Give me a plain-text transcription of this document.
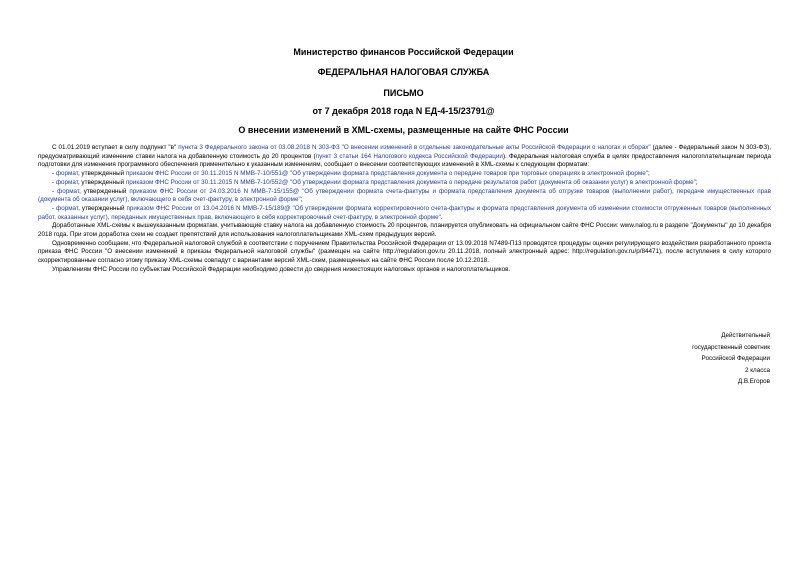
Министерство финансов Российской Федерации
ФЕДЕРАЛЬНАЯ НАЛОГОВАЯ СЛУЖБА
ПИСЬМО
от 7 декабря 2018 года N ЕД-4-15/23791@
О внесении изменений в XML-схемы, размещенные на сайте ФНС России

С 01.01.2019 вступает в силу подпункт "в" пункта 3 Федерального закона от 03.08.2018 N 303-ФЗ "О внесении изменений в отдельные законодательные акты Российской Федерации о налогах и сборах" (далее - Федеральный закон N 303-ФЗ), предусматривающий изменение ставки налога на добавленную стоимость до 20 процентов (пункт 3 статьи 164 Налогового кодекса Российской Федерации). Федеральная налоговая служба в целях предоставления налогоплательщикам периода подготовки для изменения программного обеспечения применительно к указанным изменениям, сообщает о внесении соответствующих изменений в XML-схемы к следующим форматам:

- формат, утвержденный приказом ФНС России от 30.11.2015 N ММВ-7-10/551@ "Об утверждении формата представления документа о передаче товаров при торговых операциях в электронной форме";

- формат, утвержденный приказом ФНС России от 30.11.2015 N ММВ-7-10/552@ "Об утверждении формата представления документа о передаче результатов работ (документа об оказании услуг) в электронной форме";

- формат, утвержденный приказом ФНС России от 24.03.2016 N ММВ-7-15/155@ "Об утверждении формата счета-фактуры и формата представления документа об отгрузке товаров (выполнении работ), передаче имущественных прав (документа об оказании услуг), включающего в себя счет-фактуру, в электронной форме";

- формат, утвержденный приказом ФНС России от 13.04.2016 N ММВ-7-15/189@ "Об утверждении формата корректировочного счета-фактуры и формата представления документа об изменении стоимости отгруженных товаров (выполненных работ, оказанных услуг), переданных имущественных прав, включающего в себя корректировочный счет-фактуру, в электронной форме".

Доработанные XML-схемы к вышеуказанным форматам, учитывающие ставку налога на добавленную стоимость 20 процентов, планируется опубликовать на официальном сайте ФНС России: www.nalog.ru в разделе "Документы" до 10 декабря 2018 года. При этом доработка схем не создает препятствий для использования налогоплательщиками XML-схем предыдущих версий.

Одновременно сообщаем, что Федеральной налоговой службой в соответствии с поручением Правительства Российской Федерации от 13.09.2018 N7489-П13 проводятся процедуры оценки регулирующего воздействия разработанного проекта приказа ФНС России "О внесении изменений в приказы Федеральной налоговой службы" (размещен на сайте http://regulation.gov.ru 20.11.2018, полный электронный адрес: http://regulation.gov.ru/p/84471), после вступления в силу которого скорректированные согласно этому приказу XML-схемы совпадут с вариантами версий XML-схем, размещенных на сайте ФНС России после 10.12.2018.

Управлениям ФНС России по субъектам Российской Федерации необходимо довести до сведения нижестоящих налоговых органов и налогоплательщиков.

Действительный
государственный советник
Российской Федерации
2 класса
Д.В.Егоров
